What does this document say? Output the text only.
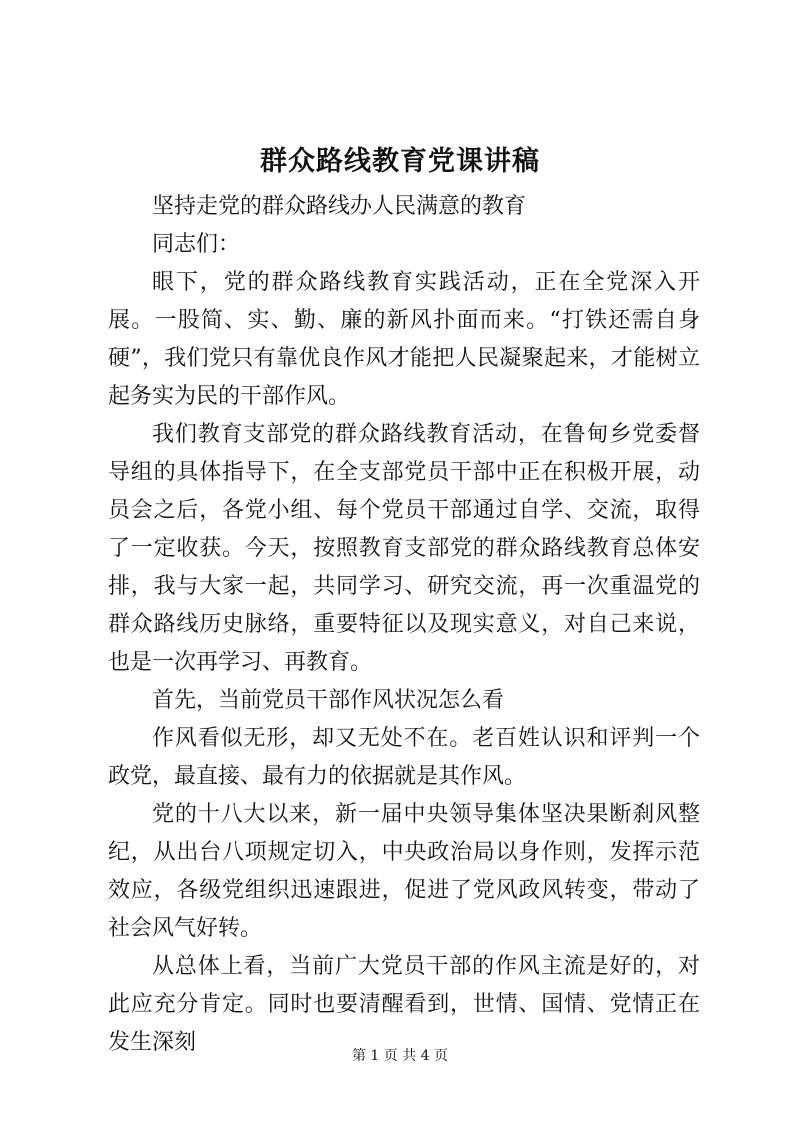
群众路线教育党课讲稿

坚持走党的群众路线办人民满意的教育

同志们：

眼下，党的群众路线教育实践活动，正在全党深入开展。一股简、实、勤、廉的新风扑面而来。“打铁还需自身硬”，我们党只有靠优良作风才能把人民凝聚起来，才能树立起务实为民的干部作风。

我们教育支部党的群众路线教育活动，在鲁甸乡党委督导组的具体指导下，在全支部党员干部中正在积极开展，动员会之后，各党小组、每个党员干部通过自学、交流，取得了一定收获。今天，按照教育支部党的群众路线教育总体安排，我与大家一起，共同学习、研究交流，再一次重温党的群众路线历史脉络，重要特征以及现实意义，对自己来说，也是一次再学习、再教育。

首先，当前党员干部作风状况怎么看

作风看似无形，却又无处不在。老百姓认识和评判一个政党，最直接、最有力的依据就是其作风。

党的十八大以来，新一届中央领导集体坚决果断刹风整纪，从出台八项规定切入，中央政治局以身作则，发挥示范效应，各级党组织迅速跟进，促进了党风政风转变，带动了社会风气好转。

从总体上看，当前广大党员干部的作风主流是好的，对此应充分肯定。同时也要清醒看到，世情、国情、党情正在发生深刻

第 1 页 共 4 页
